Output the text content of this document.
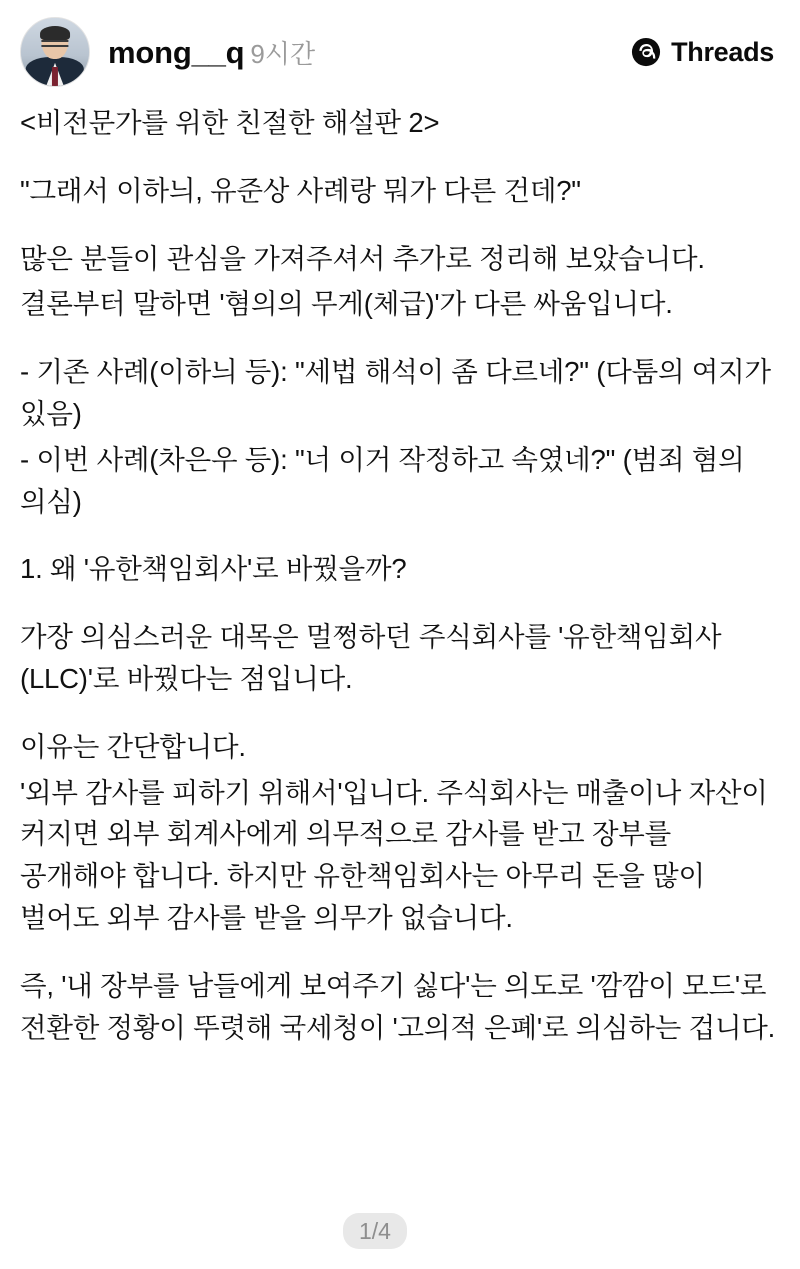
mong__q 9시간	Threads

<비전문가를 위한 친절한 해설판 2>

"그래서 이하늬, 유준상 사례랑 뭐가 다른 건데?"

많은 분들이 관심을 가져주셔서 추가로 정리해 보았습니다.

결론부터 말하면 '혐의의 무게(체급)'가 다른 싸움입니다.

- 기존 사례(이하늬 등): "세법 해석이 좀 다르네?" (다툼의 여지가 있음)

- 이번 사례(차은우 등): "너 이거 작정하고 속였네?" (범죄 혐의 의심)

1. 왜 '유한책임회사'로 바꿨을까?

가장 의심스러운 대목은 멀쩡하던 주식회사를 '유한책임회사(LLC)'로 바꿨다는 점입니다.

이유는 간단합니다.

'외부 감사를 피하기 위해서'입니다. 주식회사는 매출이나 자산이 커지면 외부 회계사에게 의무적으로 감사를 받고 장부를 공개해야 합니다. 하지만 유한책임회사는 아무리 돈을 많이 벌어도 외부 감사를 받을 의무가 없습니다.

즉, '내 장부를 남들에게 보여주기 싫다'는 의도로 '깜깜이 모드'로 전환한 정황이 뚜렷해 국세청이 '고의적 은폐'로 의심하는 겁니다.

1/4
